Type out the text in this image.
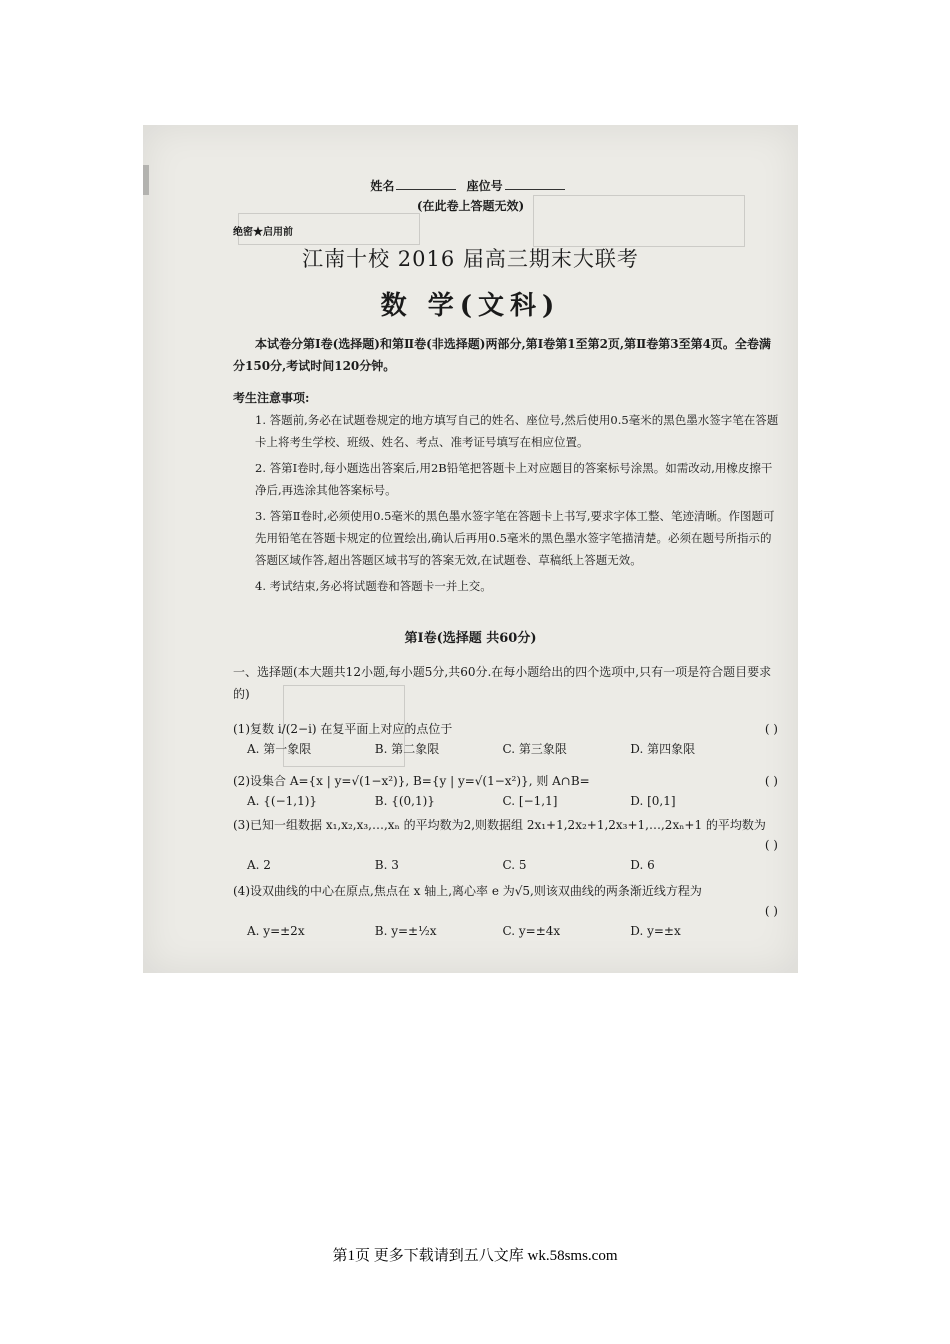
姓名	座位号
(在此卷上答题无效)
绝密★启用前
江南十校 2016 届高三期末大联考
数 学(文科)
本试卷分第Ⅰ卷(选择题)和第Ⅱ卷(非选择题)两部分,第Ⅰ卷第1至第2页,第Ⅱ卷第3至第4页。全卷满分150分,考试时间120分钟。
考生注意事项:
1. 答题前,务必在试题卷规定的地方填写自己的姓名、座位号,然后使用0.5毫米的黑色墨水签字笔在答题卡上将考生学校、班级、姓名、考点、准考证号填写在相应位置。
2. 答第Ⅰ卷时,每小题选出答案后,用2B铅笔把答题卡上对应题目的答案标号涂黑。如需改动,用橡皮擦干净后,再选涂其他答案标号。
3. 答第Ⅱ卷时,必须使用0.5毫米的黑色墨水签字笔在答题卡上书写,要求字体工整、笔迹清晰。作图题可先用铅笔在答题卡规定的位置绘出,确认后再用0.5毫米的黑色墨水签字笔描清楚。必须在题号所指示的答题区域作答,超出答题区域书写的答案无效,在试题卷、草稿纸上答题无效。
4. 考试结束,务必将试题卷和答题卡一并上交。
第Ⅰ卷(选择题 共60分)
一、选择题(本大题共12小题,每小题5分,共60分.在每小题给出的四个选项中,只有一项是符合题目要求的)
(1)复数 i/(2−i) 在复平面上对应的点位于	( )
A. 第一象限	B. 第二象限	C. 第三象限	D. 第四象限
(2)设集合 A={x | y=√(1−x²)}, B={y | y=√(1−x²)}, 则 A∩B=	( )
A. {(−1,1)}	B. {(0,1)}	C. [−1,1]	D. [0,1]
(3)已知一组数据 x₁,x₂,x₃,…,xₙ 的平均数为2,则数据组 2x₁+1,2x₂+1,2x₃+1,…,2xₙ+1 的平均数为
( )
A. 2	B. 3	C. 5	D. 6
(4)设双曲线的中心在原点,焦点在 x 轴上,离心率 e 为√5,则该双曲线的两条渐近线方程为
( )
A. y=±2x	B. y=±½x	C. y=±4x	D. y=±x
第1页 更多下载请到五八文库 wk.58sms.com
